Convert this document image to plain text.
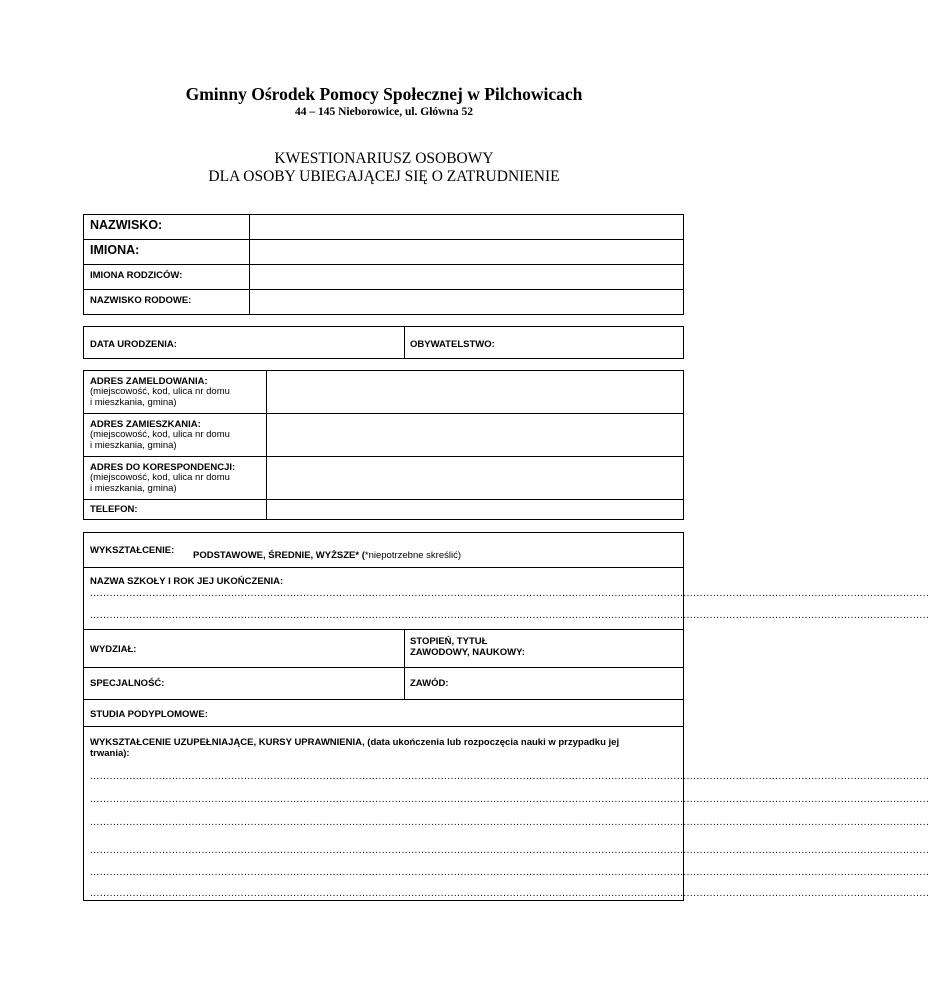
Gminny Ośrodek Pomocy Społecznej w Pilchowicach
44 – 145 Nieborowice, ul. Główna 52
KWESTIONARIUSZ OSOBOWY
DLA OSOBY UBIEGAJĄCEJ SIĘ O ZATRUDNIENIE
NAZWISKO:
IMIONA:
IMIONA RODZICÓW:
NAZWISKO RODOWE:
DATA URODZENIA:	OBYWATELSTWO:
ADRES ZAMELDOWANIA:
(miejscowość, kod, ulica nr domu
i mieszkania, gmina)
ADRES ZAMIESZKANIA:
(miejscowość, kod, ulica nr domu
i mieszkania, gmina)
ADRES DO KORESPONDENCJI:
(miejscowość, kod, ulica nr domu
i mieszkania, gmina)
TELEFON:
WYKSZTAŁCENIE: PODSTAWOWE, ŚREDNIE, WYŻSZE* (*niepotrzebne skreślić)
NAZWA SZKOŁY I ROK JEJ UKOŃCZENIA:
................................................................................................................................................................................................................................................................
................................................................................................................................................................................................................................................................
WYDZIAŁ:
STOPIEŃ, TYTUŁ
ZAWODOWY, NAUKOWY:
SPECJALNOŚĆ:	ZAWÓD:
STUDIA PODYPLOMOWE:
WYKSZTAŁCENIE UZUPEŁNIAJĄCE, KURSY UPRAWNIENIA, (data ukończenia lub rozpoczęcia nauki w przypadku jej
trwania):
................................................................................................................................................................................................................................................................
................................................................................................................................................................................................................................................................
................................................................................................................................................................................................................................................................
................................................................................................................................................................................................................................................................
................................................................................................................................................................................................................................................................
................................................................................................................................................................................................................................................................
